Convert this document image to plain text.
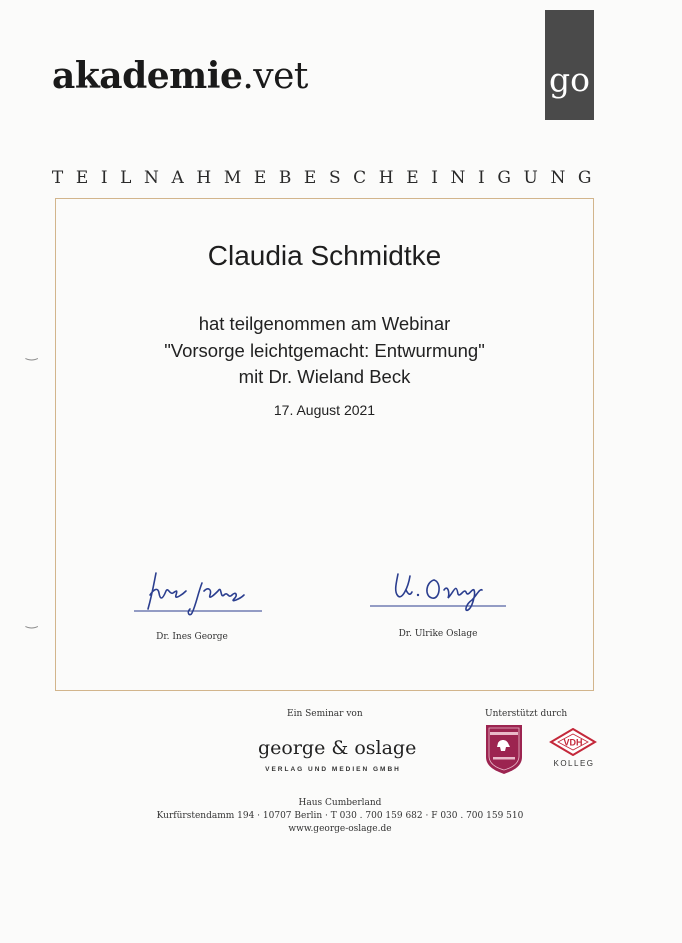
akademie.vet	go
TEILNAHMEBESCHEINIGUNG
‿
‿
Claudia Schmidtke
hat teilgenommen am Webinar
"Vorsorge leichtgemacht: Entwurmung"
mit Dr. Wieland Beck
17. August 2021
Dr. Ines George	Dr. Ulrike Oslage
Ein Seminar von	Unterstützt durch
george & oslage
VERLAG UND MEDIEN GMBH
VDH
KOLLEG
Haus Cumberland
Kurfürstendamm 194 · 10707 Berlin · T 030 . 700 159 682 · F 030 . 700 159 510
www.george-oslage.de
